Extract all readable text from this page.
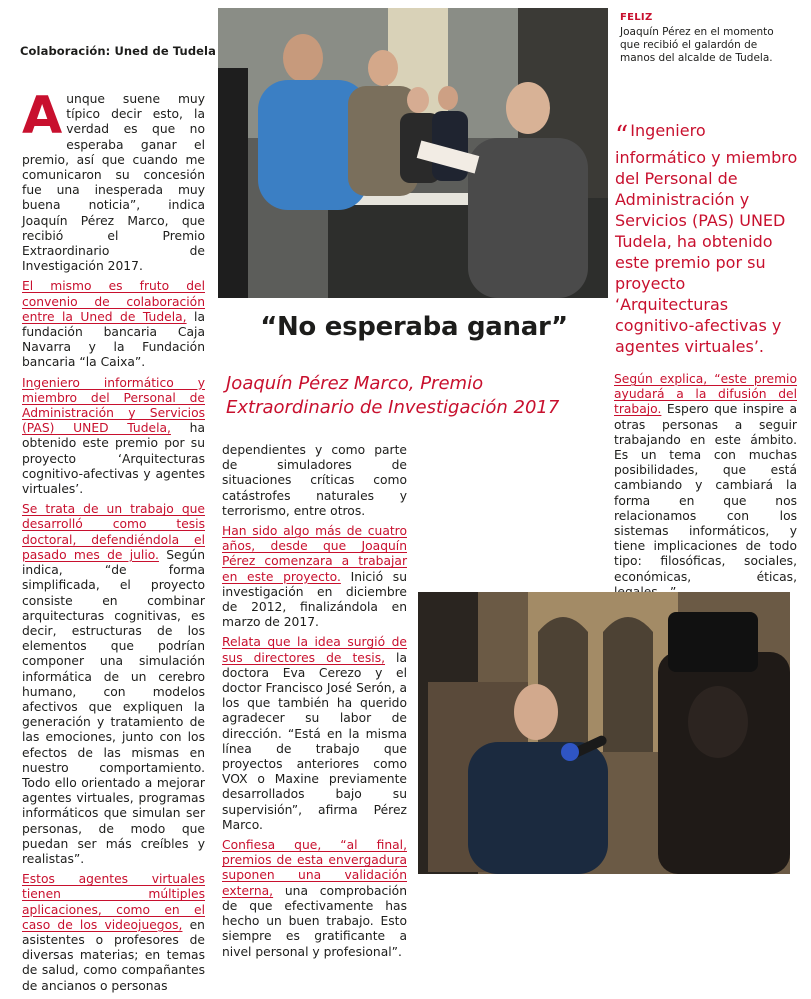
Colaboración: Uned de Tudela

Aunque suene muy típico decir esto, la verdad es que no esperaba ganar el premio, así que cuando me comunicaron su concesión fue una inesperada muy buena noticia”, indica Joaquín Pérez Marco, que recibió el Premio Extraordinario de Investigación 2017.

El mismo es fruto del convenio de colaboración entre la Uned de Tudela, la fundación bancaria Caja Navarra y la Fundación bancaria “la Caixa”.

Ingeniero informático y miembro del Personal de Administración y Servicios (PAS) UNED Tudela, ha obtenido este premio por su proyecto ‘Arquitecturas cognitivo-afectivas y agentes virtuales’.

Se trata de un trabajo que desarrolló como tesis doctoral, defendiéndola el pasado mes de julio. Según indica, “de forma simplificada, el proyecto consiste en combinar arquitecturas cognitivas, es decir, estructuras de los elementos que podrían componer una simulación informática de un cerebro humano, con modelos afectivos que expliquen la generación y tratamiento de las emociones, junto con los efectos de las mismas en nuestro comportamiento. Todo ello orientado a mejorar agentes virtuales, programas informáticos que simulan ser personas, de modo que puedan ser más creíbles y realistas”.

Estos agentes virtuales tienen múltiples aplicaciones, como en el caso de los videojuegos, en asistentes o profesores de diversas materias; en temas de salud, como compañantes de ancianos o personas

FELIZ
Joaquín Pérez en el momento que recibió el galardón de manos del alcalde de Tudela.
“ Ingeniero informático y miembro del Personal de Administración y Servicios (PAS) UNED Tudela, ha obtenido este premio por su proyecto ‘Arquitecturas cognitivo-afectivas y agentes virtuales’.
“No esperaba ganar”
Joaquín Pérez Marco, Premio Extraordinario de Investigación 2017

dependientes y como parte de simuladores de situaciones críticas como catástrofes naturales y terrorismo, entre otros.

Han sido algo más de cuatro años, desde que Joaquín Pérez comenzara a trabajar en este proyecto. Inició su investigación en diciembre de 2012, finalizándola en marzo de 2017.

Relata que la idea surgió de sus directores de tesis, la doctora Eva Cerezo y el doctor Francisco José Serón, a los que también ha querido agradecer su labor de dirección. “Está en la misma línea de trabajo que proyectos anteriores como VOX o Maxine previamente desarrollados bajo su supervisión”, afirma Pérez Marco.

Confiesa que, “al final, premios de esta envergadura suponen una validación externa, una comprobación de que efectivamente has hecho un buen trabajo. Esto siempre es gratificante a nivel personal y profesional”.

Según explica, “este premio ayudará a la difusión del trabajo. Espero que inspire a otras personas a seguir trabajando en este ámbito. Es un tema con muchas posibilidades, que está cambiando y cambiará la forma en que nos relacionamos con los sistemas informáticos, y tiene implicaciones de todo tipo: filosóficas, sociales, económicas, éticas,
